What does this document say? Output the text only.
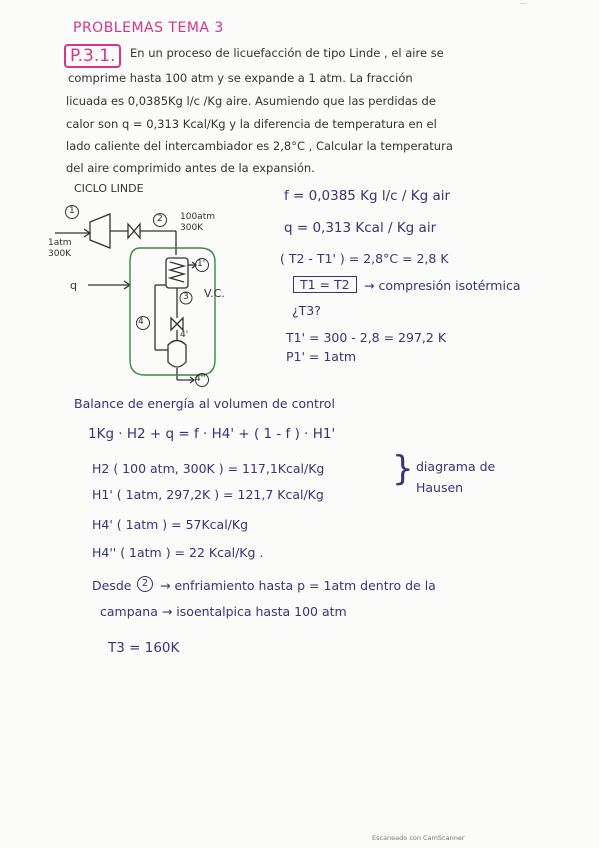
...
PROBLEMAS TEMA 3
P.3.1.	En un proceso de licuefacción de tipo Linde , el aire se
comprime hasta 100 atm y se expande a 1 atm. La fracción
licuada es 0,0385Kg l/c /Kg aire. Asumiendo que las perdidas de
calor son q = 0,313 Kcal/Kg y la diferencia de temperatura en el
lado caliente del intercambiador es 2,8°C , Calcular la temperatura
del aire comprimido antes de la expansión.
CICLO LINDE
1
2
1'
4
3
4''
4'
1atm
300K
100atm
300K
q
V.C.
f = 0,0385 Kg l/c / Kg air
q = 0,313 Kcal / Kg air
( T2 - T1' ) = 2,8°C = 2,8 K
T1 = T2	→ compresión isotérmica
¿T3?
T1' = 300 - 2,8 = 297,2 K
P1' = 1atm
Balance de energía al volumen de control
1Kg · H2 + q = f · H4' + ( 1 - f ) · H1'
H2 ( 100 atm, 300K ) = 117,1Kcal/Kg
H1' ( 1atm, 297,2K ) = 121,7 Kcal/Kg
} diagrama de
Hausen
H4' ( 1atm ) = 57Kcal/Kg
H4'' ( 1atm ) = 22 Kcal/Kg .
Desde	2 → enfriamiento hasta p = 1atm dentro de la
campana → isoentalpica hasta 100 atm
T3 = 160K
Escaneado con CamScanner
